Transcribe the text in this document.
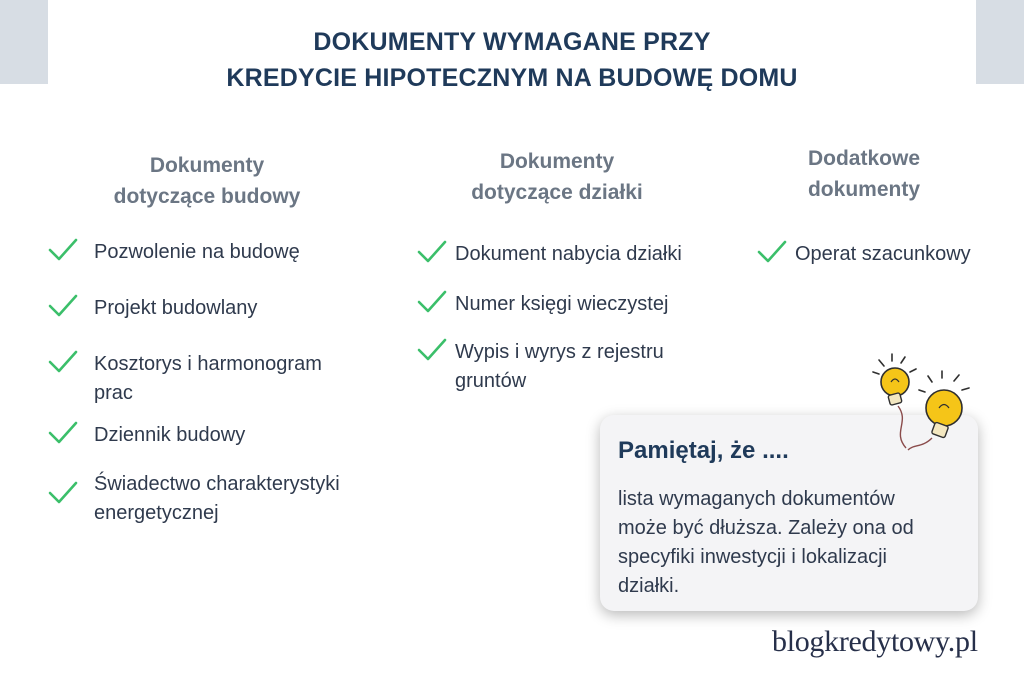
DOKUMENTY WYMAGANE PRZY
KREDYCIE HIPOTECZNYM NA BUDOWĘ DOMU
Dokumenty
dotyczące budowy
Pozwolenie na budowę
Projekt budowlany
Kosztorys i harmonogram
prac
Dziennik budowy
Świadectwo charakterystyki
energetycznej
Dokumenty
dotyczące działki
Dokument nabycia działki
Numer księgi wieczystej
Wypis i wyrys z rejestru
gruntów
Dodatkowe
dokumenty
Operat szacunkowy
Pamiętaj, że ....
lista wymaganych dokumentów
może być dłuższa. Zależy ona od
specyfiki inwestycji i lokalizacji
działki.
blogkredytowy.pl
